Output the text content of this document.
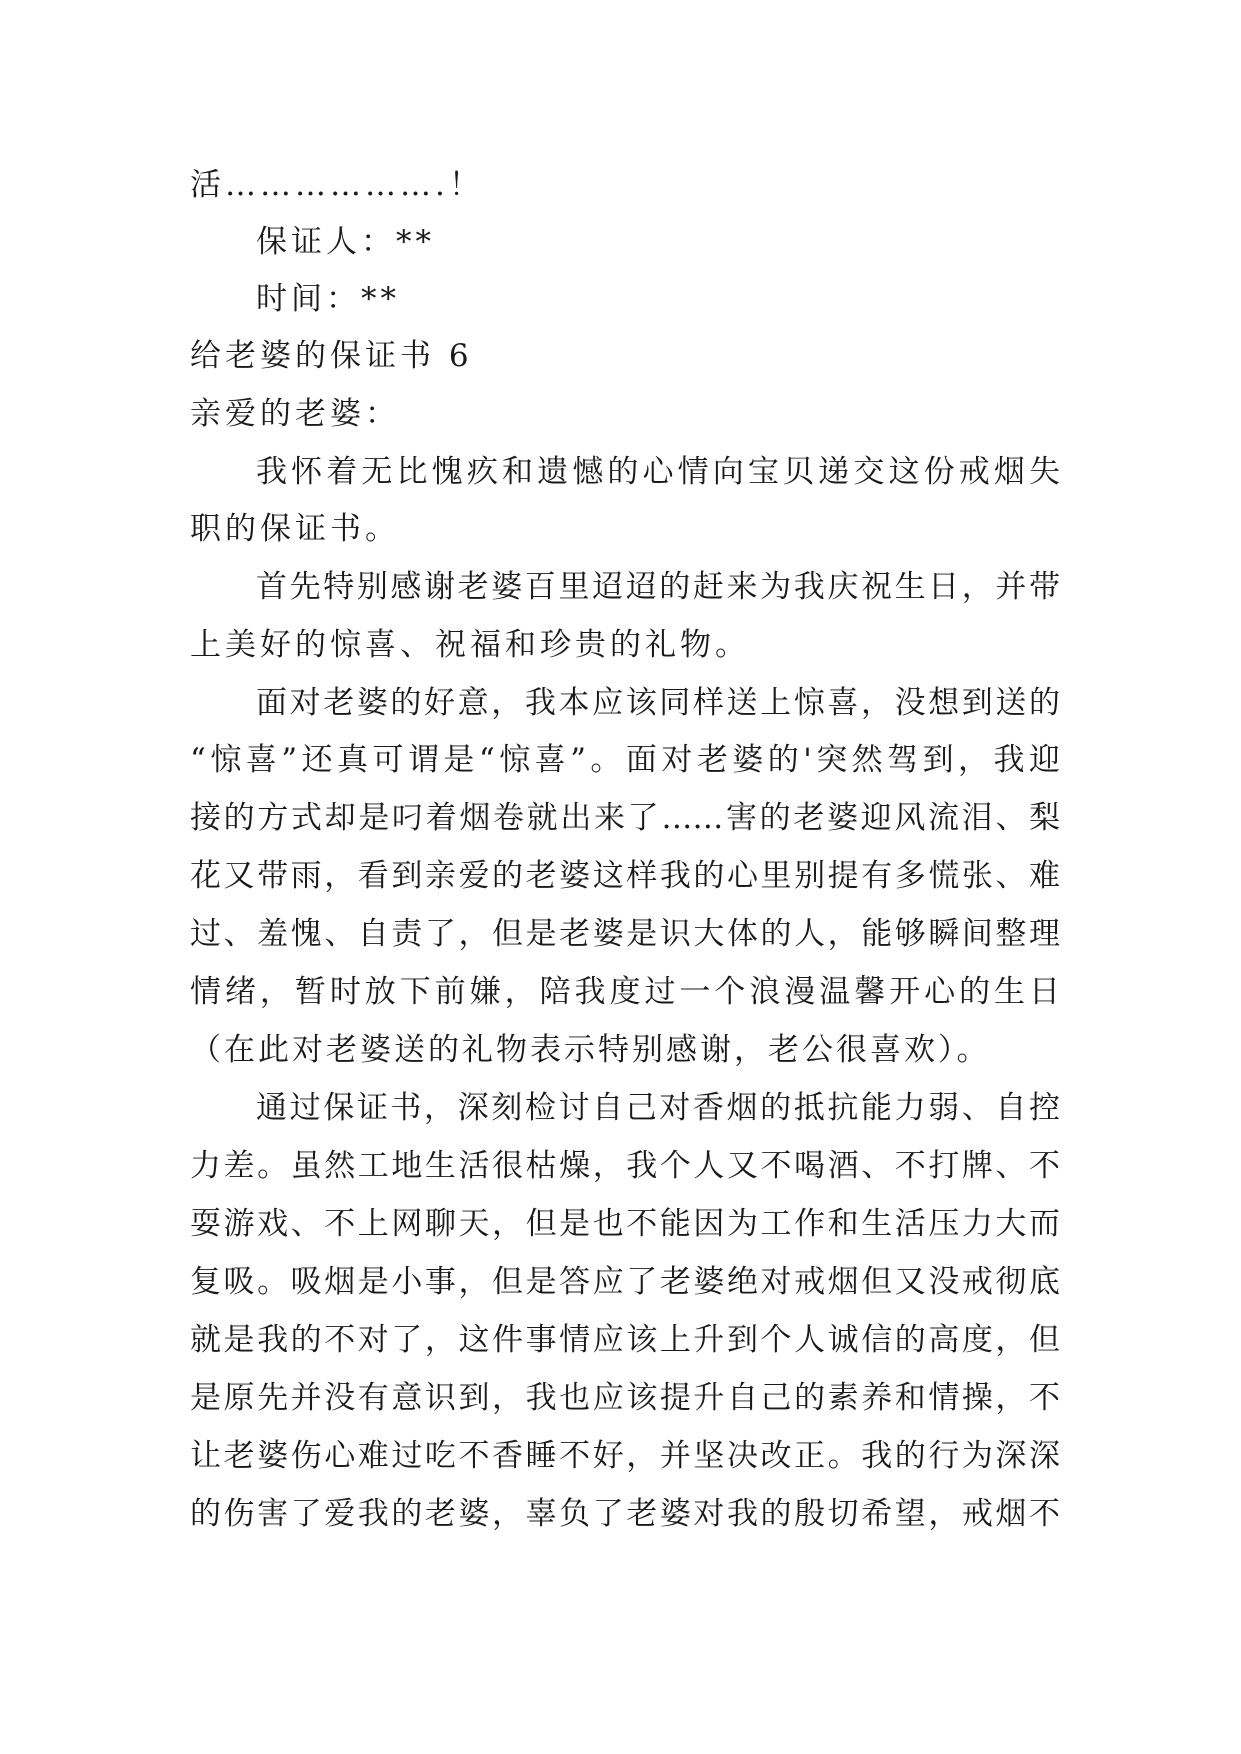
活……………….！
保证人：**
时间：**
给老婆的保证书 6
亲爱的老婆：
我怀着无比愧疚和遗憾的心情向宝贝递交这份戒烟失
职的保证书。
首先特别感谢老婆百里迢迢的赶来为我庆祝生日，并带
上美好的惊喜、祝福和珍贵的礼物。
面对老婆的好意，我本应该同样送上惊喜，没想到送的
“惊喜”还真可谓是“惊喜”。面对老婆的'突然驾到，我迎
接的方式却是叼着烟卷就出来了……害的老婆迎风流泪、梨
花又带雨，看到亲爱的老婆这样我的心里别提有多慌张、难
过、羞愧、自责了，但是老婆是识大体的人，能够瞬间整理
情绪，暂时放下前嫌，陪我度过一个浪漫温馨开心的生日
（在此对老婆送的礼物表示特别感谢，老公很喜欢）。
通过保证书，深刻检讨自己对香烟的抵抗能力弱、自控
力差。虽然工地生活很枯燥，我个人又不喝酒、不打牌、不
耍游戏、不上网聊天，但是也不能因为工作和生活压力大而
复吸。吸烟是小事，但是答应了老婆绝对戒烟但又没戒彻底
就是我的不对了，这件事情应该上升到个人诚信的高度，但
是原先并没有意识到，我也应该提升自己的素养和情操，不
让老婆伤心难过吃不香睡不好，并坚决改正。我的行为深深
的伤害了爱我的老婆，辜负了老婆对我的殷切希望，戒烟不
